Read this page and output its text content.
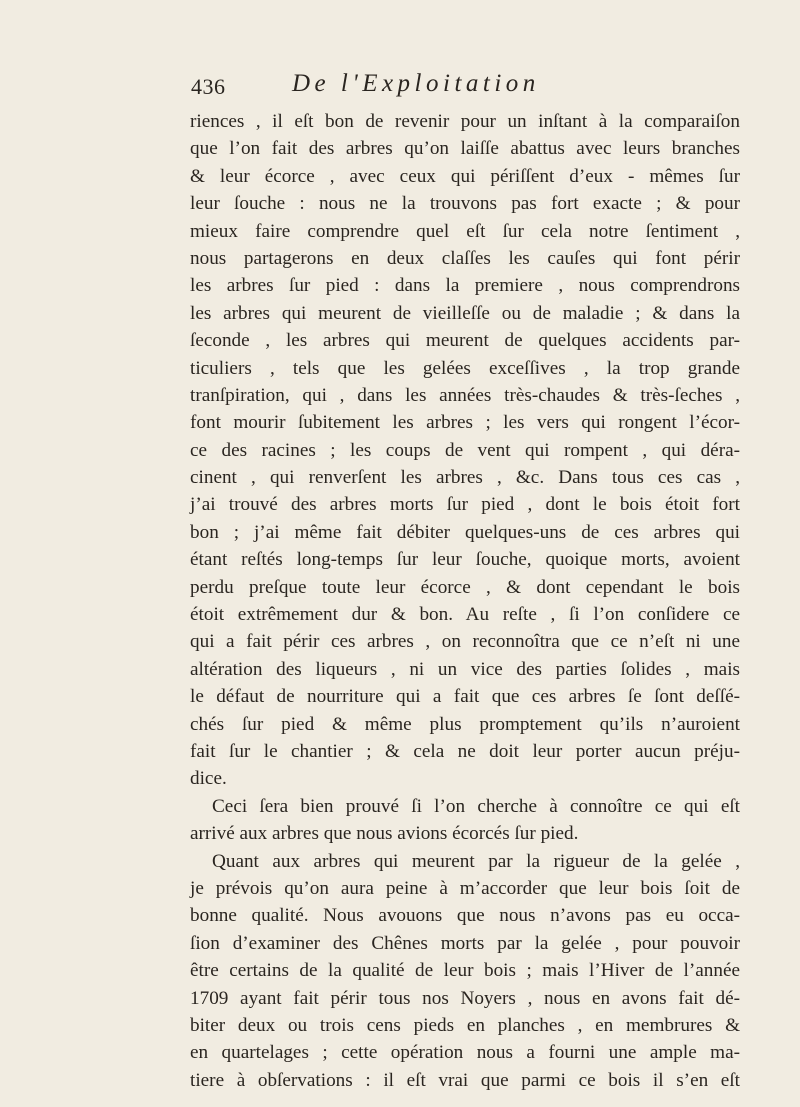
436	De l'Exploitation
riences , il eſt bon de revenir pour un inſtant à la comparaiſon
que l’on fait des arbres qu’on laiſſe abattus avec leurs branches
& leur écorce , avec ceux qui périſſent d’eux - mêmes ſur
leur ſouche : nous ne la trouvons pas fort exacte ; & pour
mieux faire comprendre quel eſt ſur cela notre ſentiment ,
nous partagerons en deux claſſes les cauſes qui font périr
les arbres ſur pied : dans la premiere , nous comprendrons
les arbres qui meurent de vieilleſſe ou de maladie ; & dans la
ſeconde , les arbres qui meurent de quelques accidents par-
ticuliers , tels que les gelées exceſſives , la trop grande
tranſpiration, qui , dans les années très-chaudes & très-ſeches ,
font mourir ſubitement les arbres ; les vers qui rongent l’écor-
ce des racines ; les coups de vent qui rompent , qui déra-
cinent , qui renverſent les arbres , &c. Dans tous ces cas ,
j’ai trouvé des arbres morts ſur pied , dont le bois étoit fort
bon ; j’ai même fait débiter quelques-uns de ces arbres qui
étant reſtés long-temps ſur leur ſouche, quoique morts, avoient
perdu preſque toute leur écorce , & dont cependant le bois
étoit extrêmement dur & bon. Au reſte , ſi l’on conſidere ce
qui a fait périr ces arbres , on reconnoîtra que ce n’eſt ni une
altération des liqueurs , ni un vice des parties ſolides , mais
le défaut de nourriture qui a fait que ces arbres ſe ſont deſſé-
chés ſur pied & même plus promptement qu’ils n’auroient
fait ſur le chantier ; & cela ne doit leur porter aucun préju-
dice.
Ceci ſera bien prouvé ſi l’on cherche à connoître ce qui eſt
arrivé aux arbres que nous avions écorcés ſur pied.
Quant aux arbres qui meurent par la rigueur de la gelée ,
je prévois qu’on aura peine à m’accorder que leur bois ſoit de
bonne qualité. Nous avouons que nous n’avons pas eu occa-
ſion d’examiner des Chênes morts par la gelée , pour pouvoir
être certains de la qualité de leur bois ; mais l’Hiver de l’année
1709 ayant fait périr tous nos Noyers , nous en avons fait dé-
biter deux ou trois cens pieds en planches , en membrures &
en quartelages ; cette opération nous a fourni une ample ma-
tiere à obſervations : il eſt vrai que parmi ce bois il s’en eſt
